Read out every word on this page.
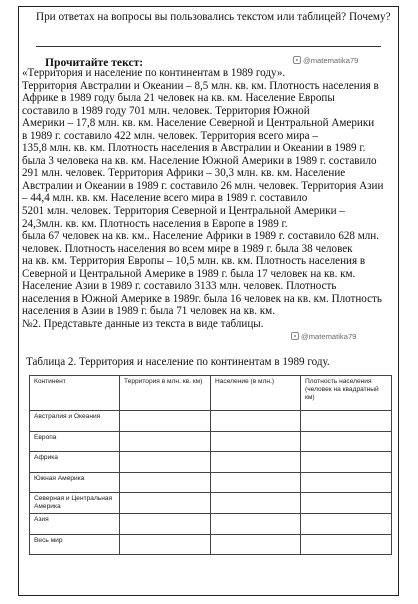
При ответах на вопросы вы пользовались текстом или таблицей? Почему?
@matematika79
Прочитайте текст:
«Территория и население по континентам в 1989 году».
Территория Австралии и Океании – 8,5 млн. кв. км. Плотность населения в
Африке в 1989 году была 21 человек на кв. км. Население Европы
составило в 1989 году 701 млн. человек. Территория Южной
Америки – 17,8 млн. кв. км. Население Северной и Центральной Америки
в 1989 г. составило 422 млн. человек. Территория всего мира –
135,8 млн. кв. км. Плотность населения в Австралии и Океании в 1989 г.
была 3 человека на кв. км. Население Южной Америки в 1989 г. составило
291 млн. человек. Территория Африки – 30,3 млн. кв. км. Население
Австралии и Океании в 1989 г. составило 26 млн. человек. Территория Азии
– 44,4 млн. кв. км. Население всего мира в 1989 г. составило
5201 млн. человек. Территория Северной и Центральной Америки –
24,3млн. кв. км. Плотность населения в Европе в 1989 г.
была 67 человек на кв. км.. Население Африки в 1989 г. составило 628 млн.
человек. Плотность населения во всем мире в 1989 г. была 38 человек
на кв. км. Территория Европы – 10,5 млн. кв. км. Плотность населения в
Северной и Центральной Америке в 1989 г. была 17 человек на кв. км.
Население Азии в 1989 г. составило 3133 млн. человек. Плотность
населения в Южной Америке в 1989г. была 16 человек на кв. км. Плотность
населения в Азии в 1989 г. была 71 человек на кв. км.
№2. Представьте данные из текста в виде таблицы.
@matematika79
Таблица 2. Территория и население по континентам в 1989 году.
Континент	Территория в млн. кв. км)	Население (в млн.)	Плотность населения (человек на квадратный км)
Австралия и Океания			
Европа			
Африка			
Южная Америка			
Северная и Центральная Америка			
Азия			
Весь мир			
